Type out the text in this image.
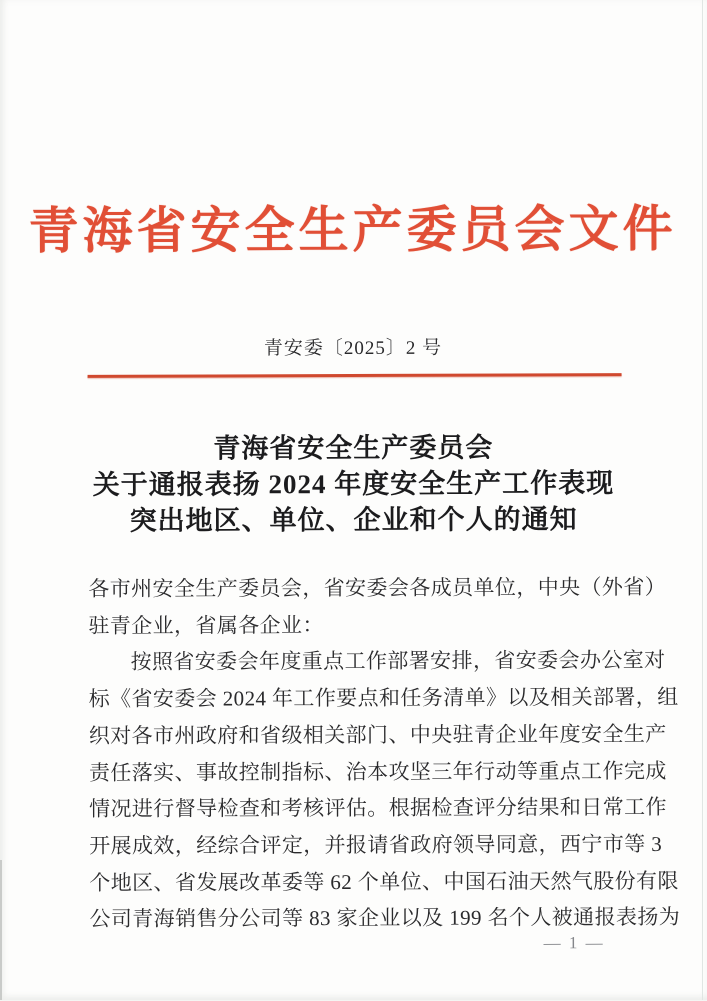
青海省安全生产委员会文件
青安委〔2025〕2 号
青海省安全生产委员会
关于通报表扬 2024 年度安全生产工作表现
突出地区、单位、企业和个人的通知
各市州安全生产委员会，省安委会各成员单位，中央（外省）
驻青企业，省属各企业：
按照省安委会年度重点工作部署安排，省安委会办公室对
标《省安委会 2024 年工作要点和任务清单》以及相关部署，组
织对各市州政府和省级相关部门、中央驻青企业年度安全生产
责任落实、事故控制指标、治本攻坚三年行动等重点工作完成
情况进行督导检查和考核评估。根据检查评分结果和日常工作
开展成效，经综合评定，并报请省政府领导同意，西宁市等 3
个地区、省发展改革委等 62 个单位、中国石油天然气股份有限
公司青海销售分公司等 83 家企业以及 199 名个人被通报表扬为
— 1 —
